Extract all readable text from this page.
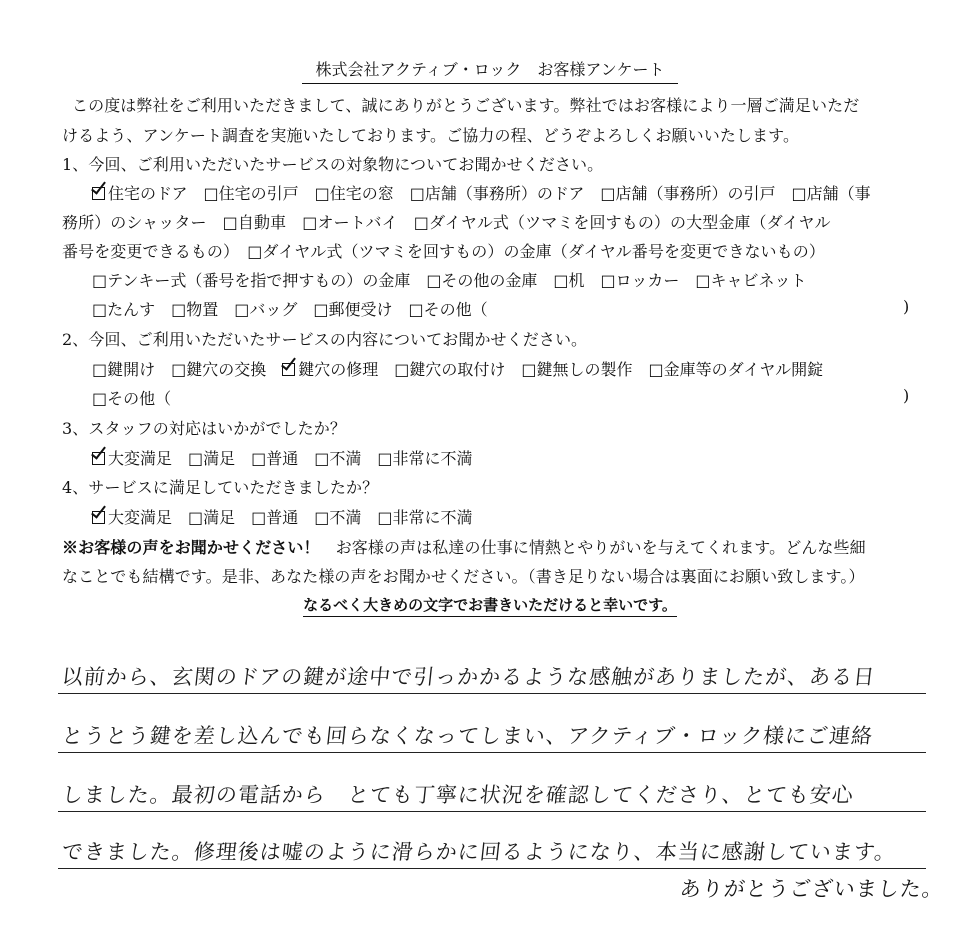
株式会社アクティブ・ロック　お客様アンケート
この度は弊社をご利用いただきまして、誠にありがとうございます。弊社ではお客様により一層ご満足いただ
けるよう、アンケート調査を実施いたしております。ご協力の程、どうぞよろしくお願いいたします。
1、今回、ご利用いただいたサービスの対象物についてお聞かせください。
住宅のドア　□住宅の引戸　□住宅の窓　□店舗（事務所）のドア　□店舗（事務所）の引戸　□店舗（事
務所）のシャッター　□自動車　□オートバイ　□ダイヤル式（ツマミを回すもの）の大型金庫（ダイヤル
番号を変更できるもの）　□ダイヤル式（ツマミを回すもの）の金庫（ダイヤル番号を変更できないもの）
□テンキー式（番号を指で押すもの）の金庫　□その他の金庫　□机　□ロッカー　□キャビネット
□たんす　□物置　□バッグ　□郵便受け　□その他（	)
2、今回、ご利用いただいたサービスの内容についてお聞かせください。
□鍵開け　□鍵穴の交換　 鍵穴の修理　 □鍵穴の取付け　□鍵無しの製作　□金庫等のダイヤル開錠
□その他（	)
3、スタッフの対応はいかがでしたか？
大変満足　 □満足　□普通　□不満　□非常に不満
4、サービスに満足していただきましたか？
大変満足　 □満足　□普通　□不満　□非常に不満
※お客様の声をお聞かせください！　お客様の声は私達の仕事に情熱とやりがいを与えてくれます。どんな些細
なことでも結構です。是非、あなた様の声をお聞かせください。（書き足りない場合は裏面にお願い致します。）
なるべく大きめの文字でお書きいただけると幸いです。
以前から、玄関のドアの鍵が途中で引っかかるような感触がありましたが、ある日
とうとう鍵を差し込んでも回らなくなってしまい、アクティブ・ロック様にご連絡
しました。最初の電話から　とても丁寧に状況を確認してくださり、とても安心
できました。修理後は嘘のように滑らかに回るようになり、本当に感謝しています。
ありがとうございました。
